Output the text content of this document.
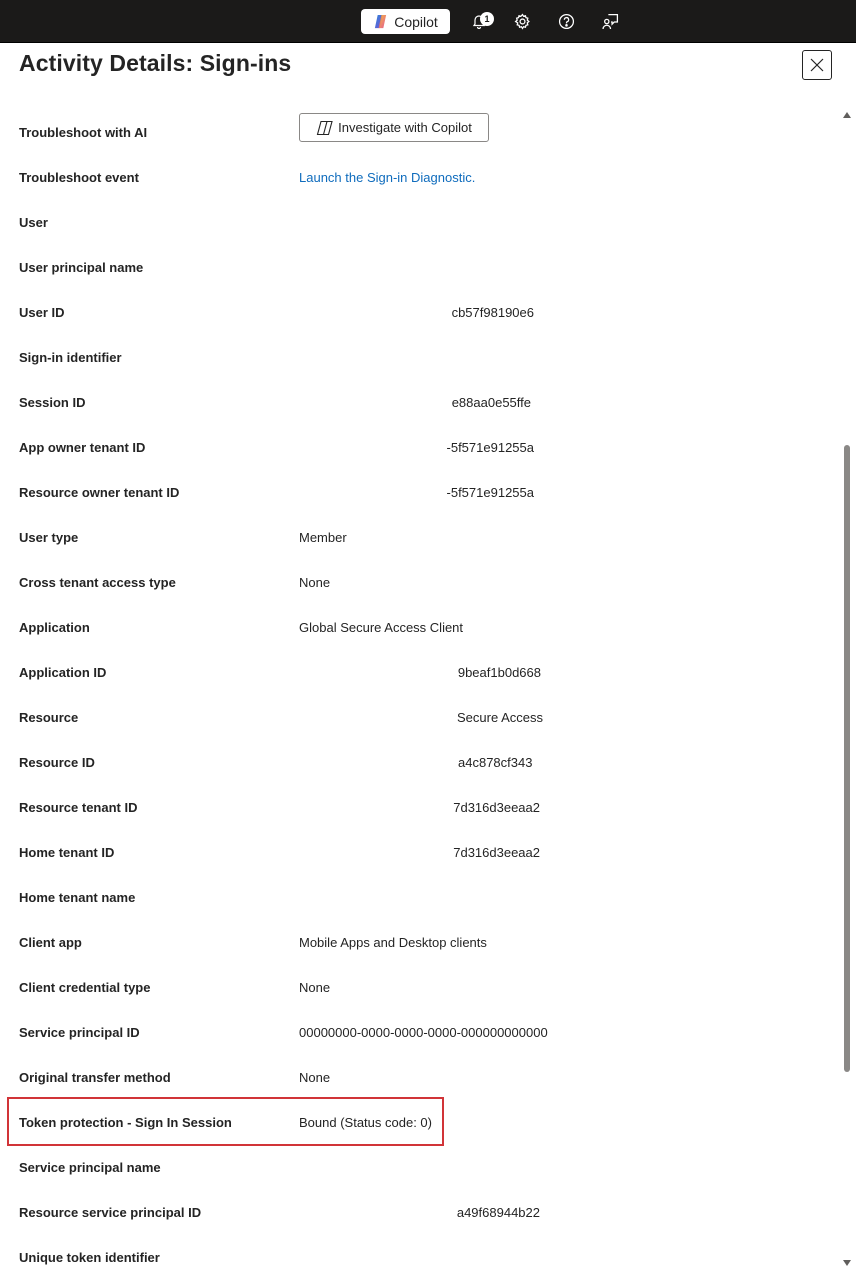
Copilot	1
Activity Details: Sign-ins
Troubleshoot with AI	Investigate with Copilot
Troubleshoot event	Launch the Sign-in Diagnostic.
User
User principal name
User ID	cb57f98190e6
Sign-in identifier
Session ID	e88aa0e55ffe
App owner tenant ID	-5f571e91255a
Resource owner tenant ID	-5f571e91255a
User type	Member
Cross tenant access type	None
Application	Global Secure Access Client
Application ID	9beaf1b0d668
Resource	Secure Access
Resource ID	a4c878cf343
Resource tenant ID	7d316d3eeaa2
Home tenant ID	7d316d3eeaa2
Home tenant name
Client app	Mobile Apps and Desktop clients
Client credential type	None
Service principal ID	00000000-0000-0000-0000-000000000000
Original transfer method	None
Token protection - Sign In Session	Bound (Status code: 0)
Service principal name
Resource service principal ID	a49f68944b22
Unique token identifier
